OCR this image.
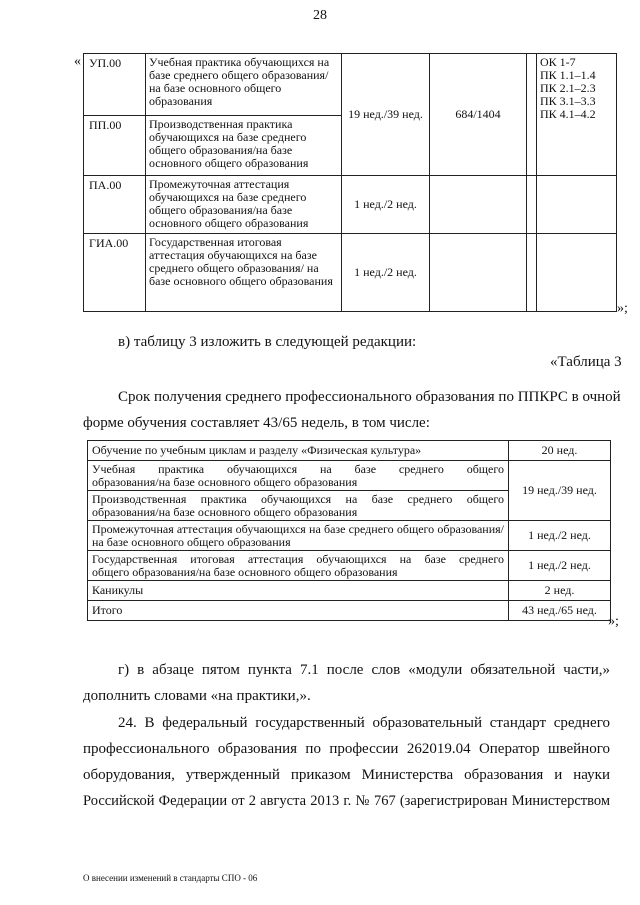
28
« УП.00	Учебная практика обучающихся на базе среднего общего образования/на базе основного общего образования	19 нед./39 нед.	684/1404		ОК 1-7
ПК 1.1–1.4
ПК 2.1–2.3
ПК 3.1–3.3
ПК 4.1–4.2

ПП.00	Производственная практика обучающихся на базе среднего общего образования/на базе основного общего образования				
ПА.00	Промежуточная аттестация обучающихся на базе среднего общего образования/на базе основного общего образования	1 нед./2 нед.			
ГИА.00	Государственная итоговая аттестация обучающихся на базе среднего общего образования/ на базе основного общего образования	1 нед./2 нед.			
»;
в) таблицу 3 изложить в следующей редакции:
«Таблица 3
Срок получения среднего профессионального образования по ППКРС в очной
форме обучения составляет 43/65 недель, в том числе:
Обучение по учебным циклам и разделу «Физическая культура»	20 нед.

Учебная практика обучающихся на базе среднего общего
образования/на базе основного общего образования	19 нед./39 нед.
Производственная практика обучающихся на базе среднего общего образования/на базе основного общего образования	
Промежуточная аттестация обучающихся на базе среднего общего образования/на базе основного общего образования	1 нед./2 нед.

Государственная итоговая аттестация обучающихся на базе среднего
общего образования/на базе основного общего образования	1 нед./2 нед.
Каникулы	2 нед.
Итого	43 нед./65 нед.
»;
г) в абзаце пятом пункта 7.1 после слов «модули обязательной части,»
дополнить словами «на практики,».
24. В федеральный государственный образовательный стандарт среднего
профессионального образования по профессии 262019.04 Оператор швейного
оборудования, утвержденный приказом Министерства образования и науки
Российской Федерации от 2 августа 2013 г. № 767 (зарегистрирован Министерством
О внесении изменений в стандарты СПО - 06
